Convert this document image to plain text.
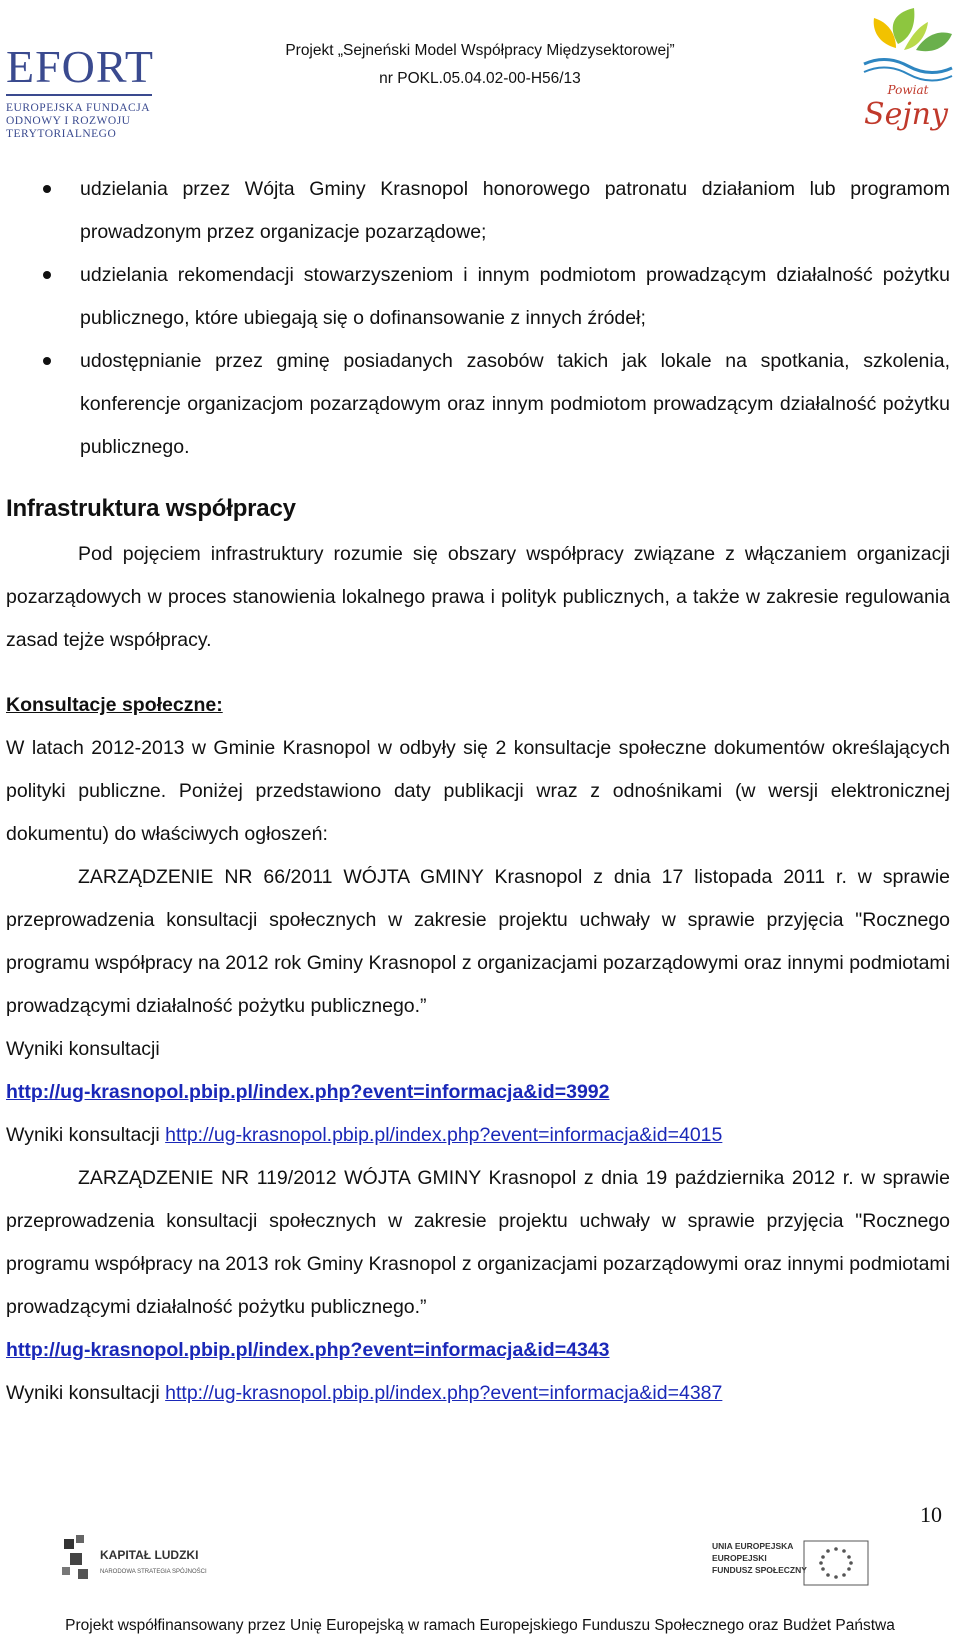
EFORT
EUROPEJSKA FUNDACJA
ODNOWY I ROZWOJU
TERYTORIALNEGO
Projekt „Sejneński Model Współpracy Międzysektorowej”
nr POKL.05.04.02-00-H56/13
Powiat
Sejny

udzielania przez Wójta Gminy Krasnopol honorowego patronatu działaniom lub programom prowadzonym przez organizacje pozarządowe;

udzielania rekomendacji stowarzyszeniom i innym podmiotom prowadzącym działalność pożytku publicznego, które ubiegają się o dofinansowanie z innych źródeł;

udostępnianie przez gminę posiadanych zasobów takich jak lokale na spotkania, szkolenia, konferencje organizacjom pozarządowym oraz innym podmiotom prowadzącym działalność pożytku publicznego.

Infrastruktura współpracy

Pod pojęciem infrastruktury rozumie się obszary współpracy związane z włączaniem organizacji pozarządowych w proces stanowienia lokalnego prawa i polityk publicznych, a także w zakresie regulowania zasad tejże współpracy.

Konsultacje społeczne:

W latach 2012-2013 w Gminie Krasnopol w odbyły się 2 konsultacje społeczne dokumentów określających polityki publiczne. Poniżej przedstawiono daty publikacji wraz z odnośnikami (w wersji elektronicznej dokumentu) do właściwych ogłoszeń:

ZARZĄDZENIE NR 66/2011 WÓJTA GMINY Krasnopol z dnia 17 listopada 2011 r. w sprawie przeprowadzenia konsultacji społecznych w zakresie projektu uchwały w sprawie przyjęcia "Rocznego programu współpracy na 2012 rok Gminy Krasnopol z organizacjami pozarządowymi oraz innymi podmiotami prowadzącymi działalność pożytku publicznego.”

Wyniki konsultacji

http://ug-krasnopol.pbip.pl/index.php?event=informacja&id=3992

Wyniki konsultacji http://ug-krasnopol.pbip.pl/index.php?event=informacja&id=4015

ZARZĄDZENIE NR 119/2012 WÓJTA GMINY Krasnopol z dnia 19 października 2012 r. w sprawie przeprowadzenia konsultacji społecznych w zakresie projektu uchwały w sprawie przyjęcia "Rocznego programu współpracy na 2013 rok Gminy Krasnopol z organizacjami pozarządowymi oraz innymi podmiotami prowadzącymi działalność pożytku publicznego.”

http://ug-krasnopol.pbip.pl/index.php?event=informacja&id=4343

Wyniki konsultacji http://ug-krasnopol.pbip.pl/index.php?event=informacja&id=4387

10
KAPITAŁ LUDZKI
NARODOWA STRATEGIA SPÓJNOŚCI
UNIA EUROPEJSKA
EUROPEJSKI
FUNDUSZ SPOŁECZNY
Projekt współfinansowany przez Unię Europejską w ramach Europejskiego Funduszu Społecznego oraz Budżet Państwa
